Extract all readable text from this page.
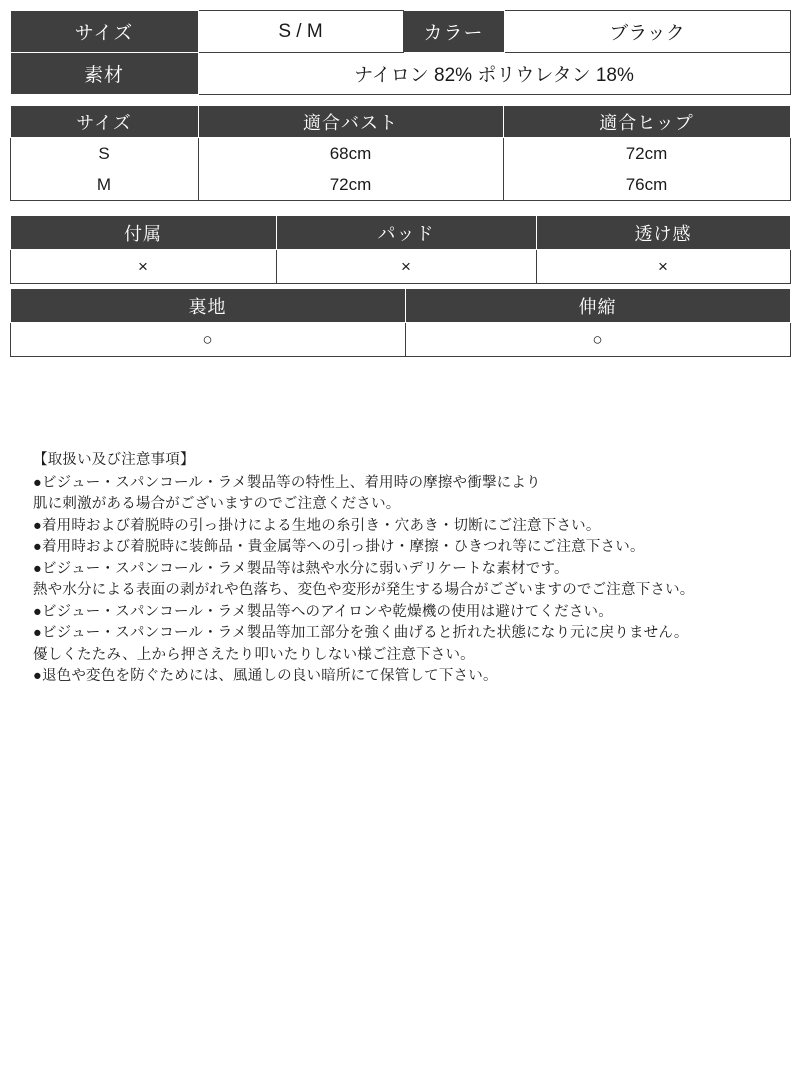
サイズ	S / M	カラー	ブラック
素材	ナイロン 82% ポリウレタン 18%		
サイズ	適合バスト	適合ヒップ
S	68cm	72cm
M	72cm	76cm
付属	パッド	透け感
×	×	×
裏地	伸縮
○	○
【取扱い及び注意事項】
●ビジュー・スパンコール・ラメ製品等の特性上、着用時の摩擦や衝撃により
肌に刺激がある場合がございますのでご注意ください。
●着用時および着脱時の引っ掛けによる生地の糸引き・穴あき・切断にご注意下さい。
●着用時および着脱時に装飾品・貴金属等への引っ掛け・摩擦・ひきつれ等にご注意下さい。
●ビジュー・スパンコール・ラメ製品等は熱や水分に弱いデリケートな素材です。
熱や水分による表面の剥がれや色落ち、変色や変形が発生する場合がございますのでご注意下さい。
●ビジュー・スパンコール・ラメ製品等へのアイロンや乾燥機の使用は避けてください。
●ビジュー・スパンコール・ラメ製品等加工部分を強く曲げると折れた状態になり元に戻りません。
優しくたたみ、上から押さえたり叩いたりしない様ご注意下さい。
●退色や変色を防ぐためには、風通しの良い暗所にて保管して下さい。
